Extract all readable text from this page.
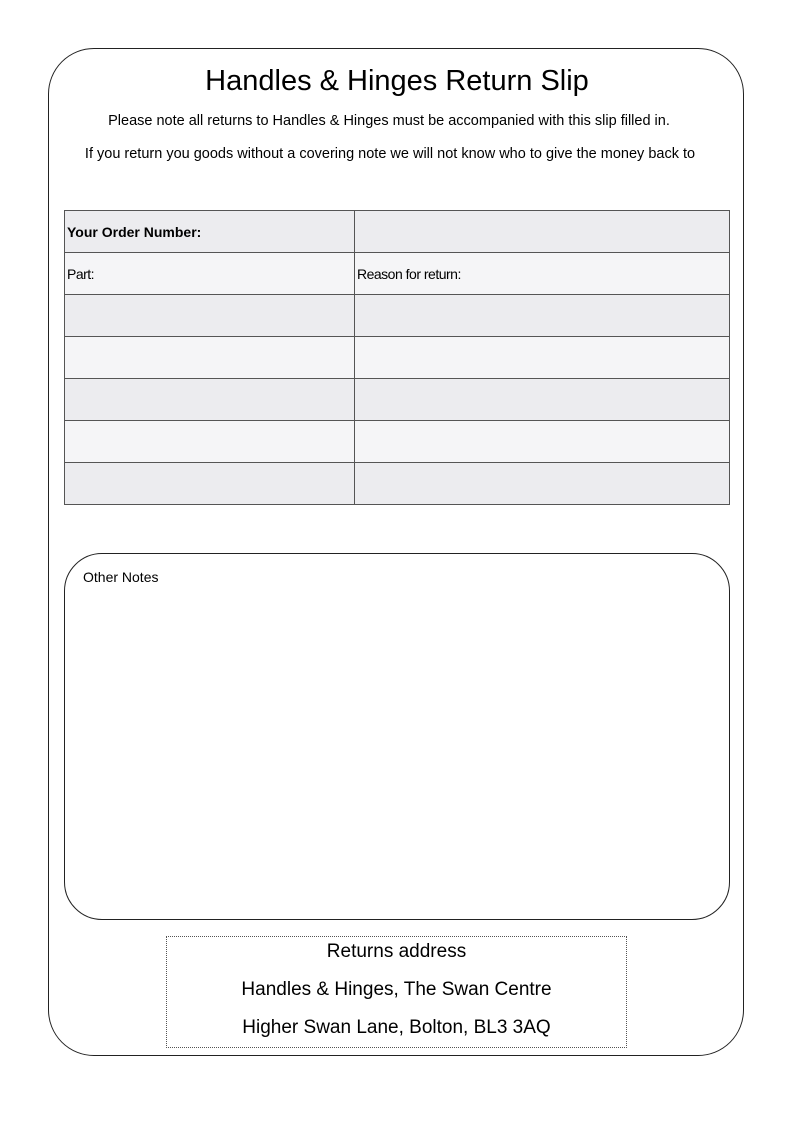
Handles & Hinges Return Slip
Please note all returns to Handles & Hinges must be accompanied with this slip filled in.
If you return you goods without a covering note we will not know who to give the money back to
Your Order Number:	
Part:	Reason for return:

Other Notes
Returns address
Handles & Hinges, The Swan Centre
Higher Swan Lane, Bolton, BL3 3AQ
